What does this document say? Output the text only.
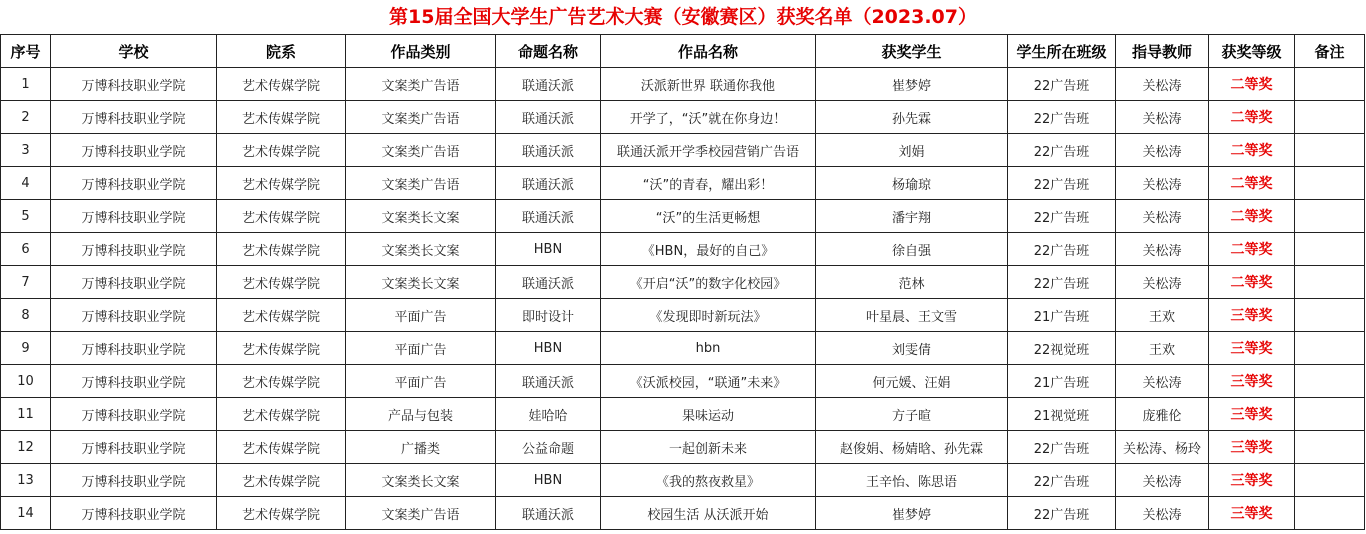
第15届全国大学生广告艺术大赛（安徽赛区）获奖名单（2023.07）
序号	学校	院系	作品类别	命题名称	作品名称	获奖学生	学生所在班级	指导教师	获奖等级	备注
1	万博科技职业学院	艺术传媒学院	文案类广告语	联通沃派	沃派新世界 联通你我他	崔梦婷	22广告班	关松涛	二等奖	
2	万博科技职业学院	艺术传媒学院	文案类广告语	联通沃派	开学了，“沃”就在你身边！	孙先霖	22广告班	关松涛	二等奖	
3	万博科技职业学院	艺术传媒学院	文案类广告语	联通沃派	联通沃派开学季校园营销广告语	刘娟	22广告班	关松涛	二等奖	
4	万博科技职业学院	艺术传媒学院	文案类广告语	联通沃派	“沃”的青春，耀出彩！	杨瑜琼	22广告班	关松涛	二等奖	
5	万博科技职业学院	艺术传媒学院	文案类长文案	联通沃派	“沃”的生活更畅想	潘宇翔	22广告班	关松涛	二等奖	
6	万博科技职业学院	艺术传媒学院	文案类长文案	HBN	《HBN，最好的自己》	徐自强	22广告班	关松涛	二等奖	
7	万博科技职业学院	艺术传媒学院	文案类长文案	联通沃派	《开启“沃”的数字化校园》	范林	22广告班	关松涛	二等奖	
8	万博科技职业学院	艺术传媒学院	平面广告	即时设计	《发现即时新玩法》	叶星晨、王文雪	21广告班	王欢	三等奖	
9	万博科技职业学院	艺术传媒学院	平面广告	HBN	hbn	刘雯倩	22视觉班	王欢	三等奖	
10	万博科技职业学院	艺术传媒学院	平面广告	联通沃派	《沃派校园，“联通”未来》	何元媛、汪娟	21广告班	关松涛	三等奖	
11	万博科技职业学院	艺术传媒学院	产品与包装	娃哈哈	果味运动	方子暄	21视觉班	庞雅伦	三等奖	
12	万博科技职业学院	艺术传媒学院	广播类	公益命题	一起创新未来	赵俊娟、杨婧晗、孙先霖	22广告班	关松涛、杨玲	三等奖	
13	万博科技职业学院	艺术传媒学院	文案类长文案	HBN	《我的熬夜救星》	王辛怡、陈思语	22广告班	关松涛	三等奖	
14	万博科技职业学院	艺术传媒学院	文案类广告语	联通沃派	校园生活 从沃派开始	崔梦婷	22广告班	关松涛	三等奖	
